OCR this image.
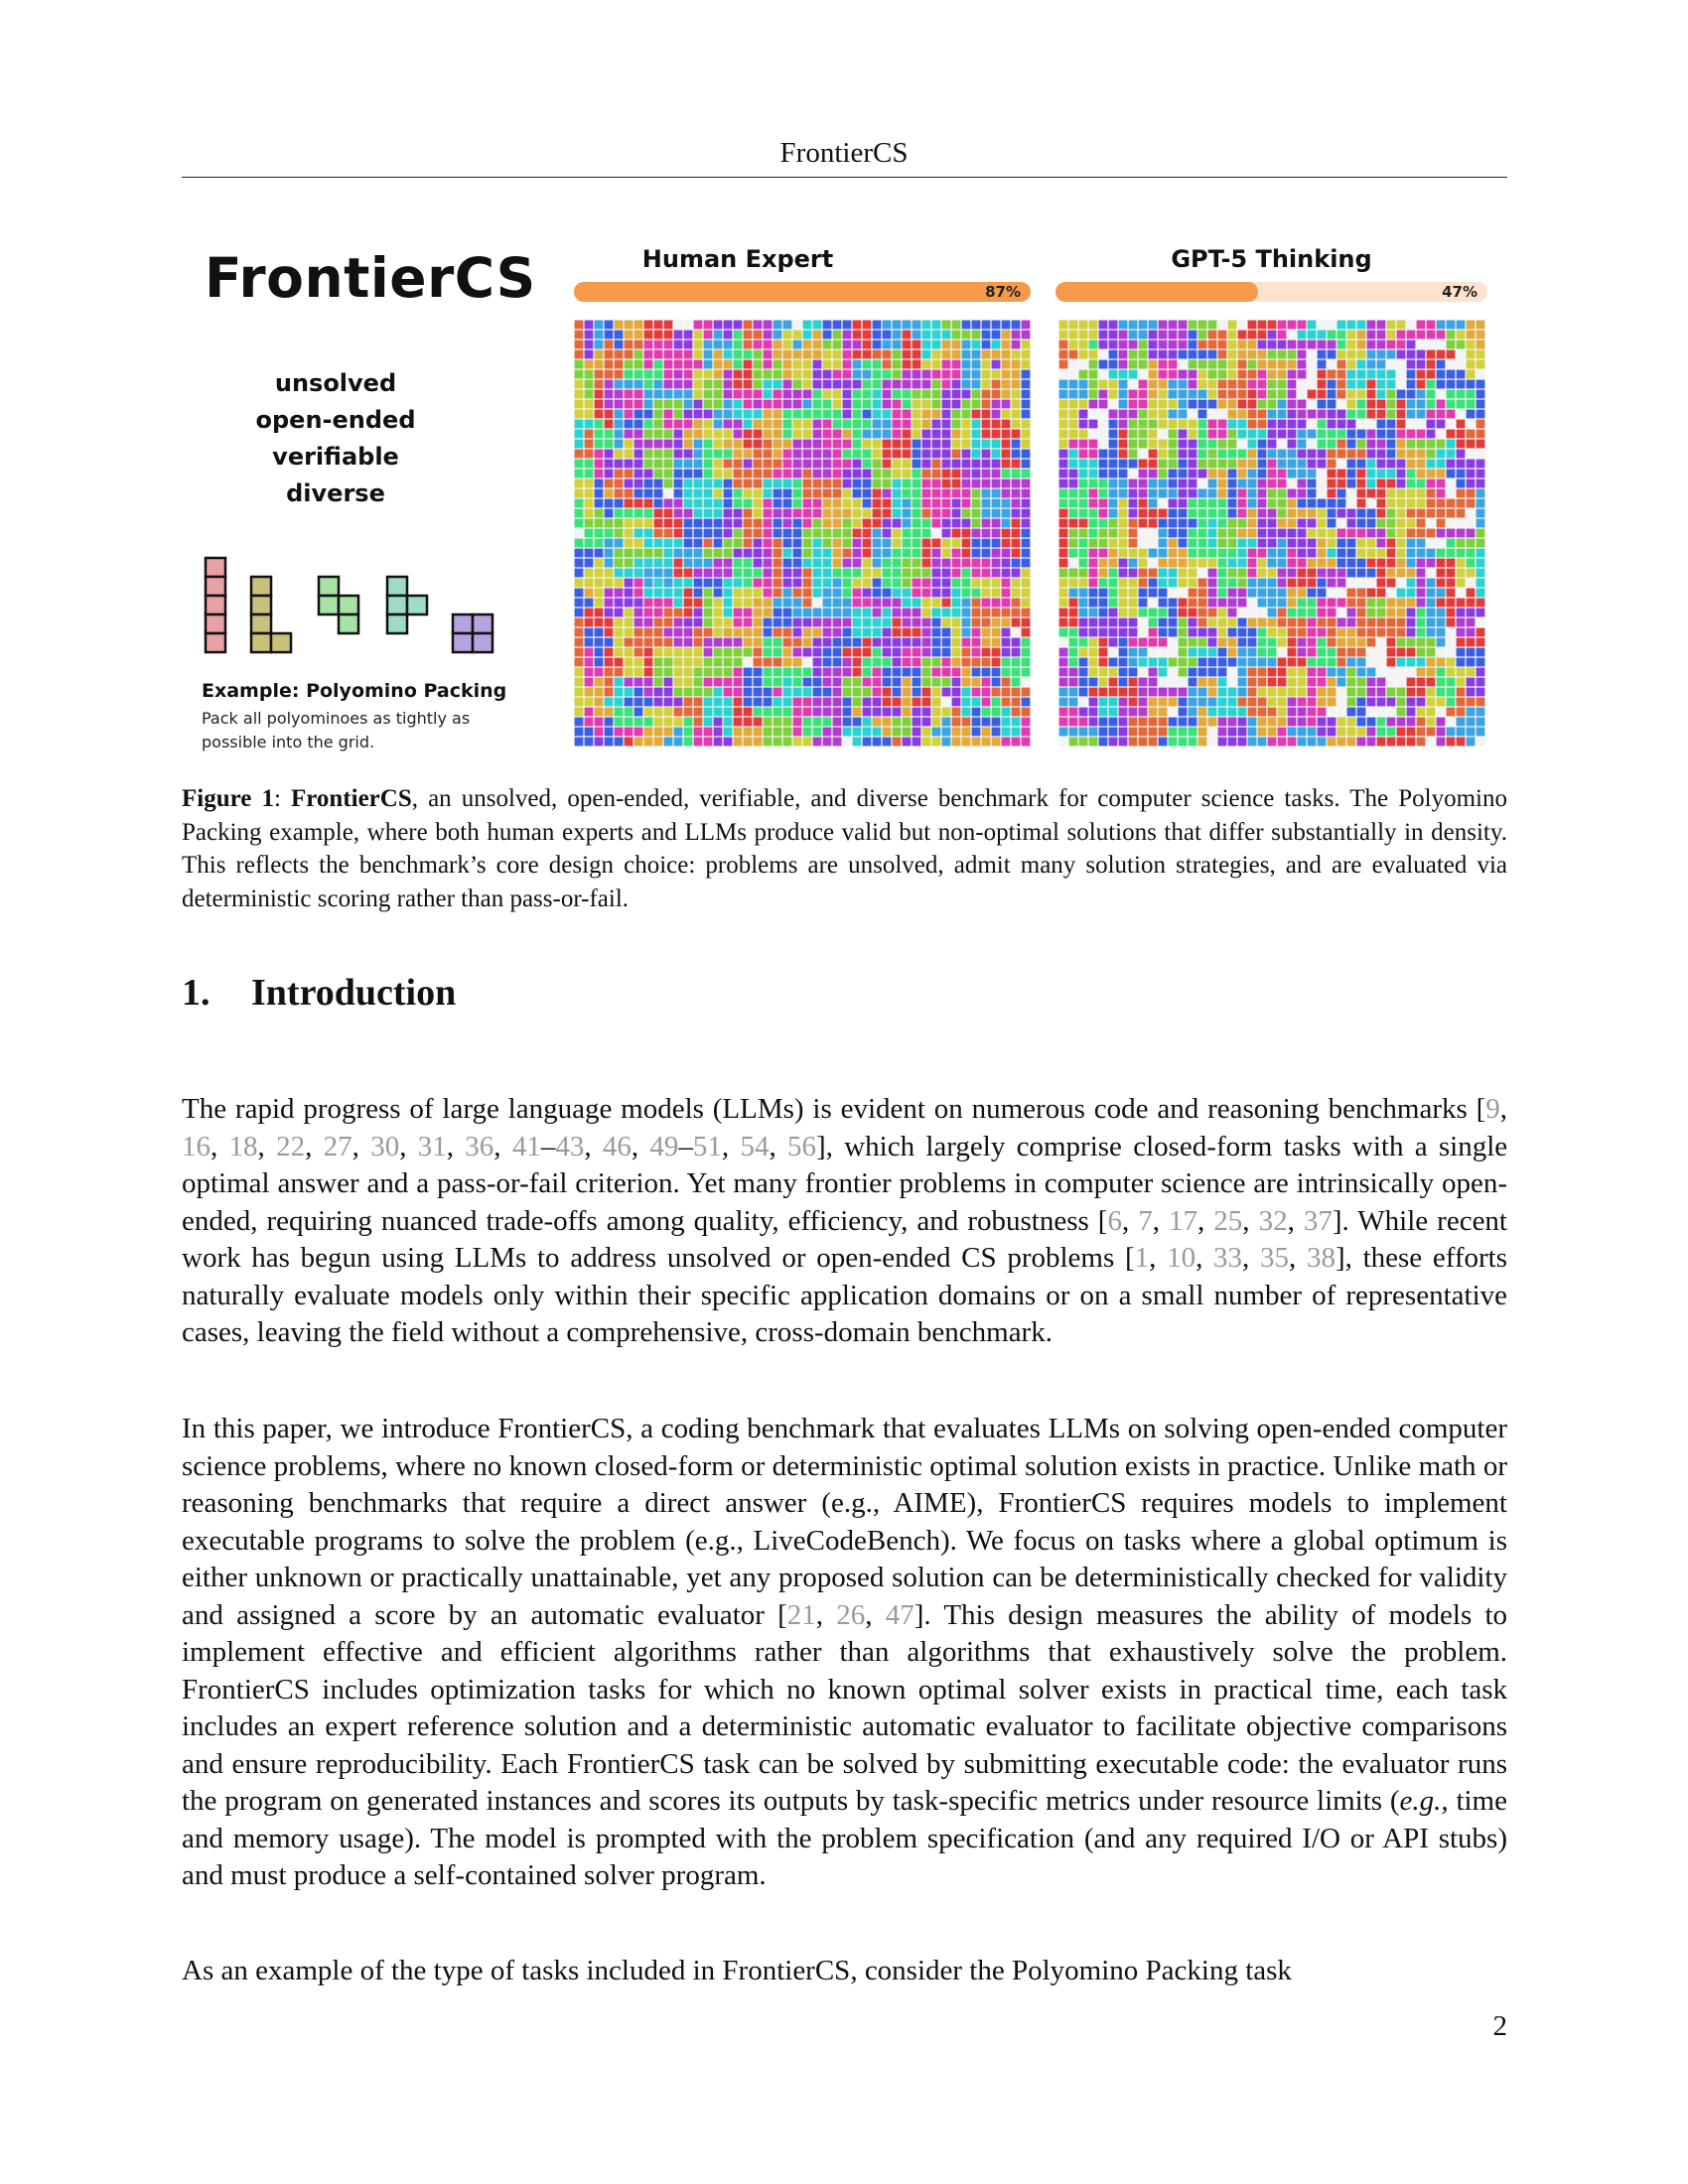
FrontierCS
FrontierCS
unsolved
open-ended
verifiable
diverse
Example: Polyomino Packing
Pack all polyominoes as tightly as possible into the grid.
Human Expert
87%
GPT-5 Thinking
47%
Figure 1: FrontierCS, an unsolved, open-ended, verifiable, and diverse benchmark for computer science tasks. The Polyomino Packing example, where both human experts and LLMs produce valid but non-optimal solutions that differ substantially in density. This reflects the benchmark’s core design choice: problems are unsolved, admit many solution strategies, and are evaluated via deterministic scoring rather than pass-or-fail.
1. Introduction

The rapid progress of large language models (LLMs) is evident on numerous code and reasoning benchmarks [9, 16, 18, 22, 27, 30, 31, 36, 41–43, 46, 49–51, 54, 56], which largely comprise closed-form tasks with a single optimal answer and a pass-or-fail criterion. Yet many frontier problems in computer science are intrinsically open-ended, requiring nuanced trade-offs among quality, efficiency, and robustness [6, 7, 17, 25, 32, 37]. While recent work has begun using LLMs to address unsolved or open-ended CS problems [1, 10, 33, 35, 38], these efforts naturally evaluate models only within their specific application domains or on a small number of representative cases, leaving the field without a comprehensive, cross-domain benchmark.

In this paper, we introduce FrontierCS, a coding benchmark that evaluates LLMs on solving open-ended computer science problems, where no known closed-form or deterministic optimal solution exists in practice. Unlike math or reasoning benchmarks that require a direct answer (e.g., AIME), FrontierCS requires models to implement executable programs to solve the problem (e.g., LiveCodeBench). We focus on tasks where a global optimum is either unknown or practically unattainable, yet any proposed solution can be deterministically checked for validity and assigned a score by an automatic evaluator [21, 26, 47]. This design measures the ability of models to implement effective and efficient algorithms rather than algorithms that exhaustively solve the problem. FrontierCS includes optimization tasks for which no known optimal solver exists in practical time, each task includes an expert reference solution and a deterministic automatic evaluator to facilitate objective comparisons and ensure reproducibility. Each FrontierCS task can be solved by submitting executable code: the evaluator runs the program on generated instances and scores its outputs by task-specific metrics under resource limits (e.g., time and memory usage). The model is prompted with the problem specification (and any required I/O or API stubs) and must produce a self-contained solver program.

As an example of the type of tasks included in FrontierCS, consider the Polyomino Packing task

2
